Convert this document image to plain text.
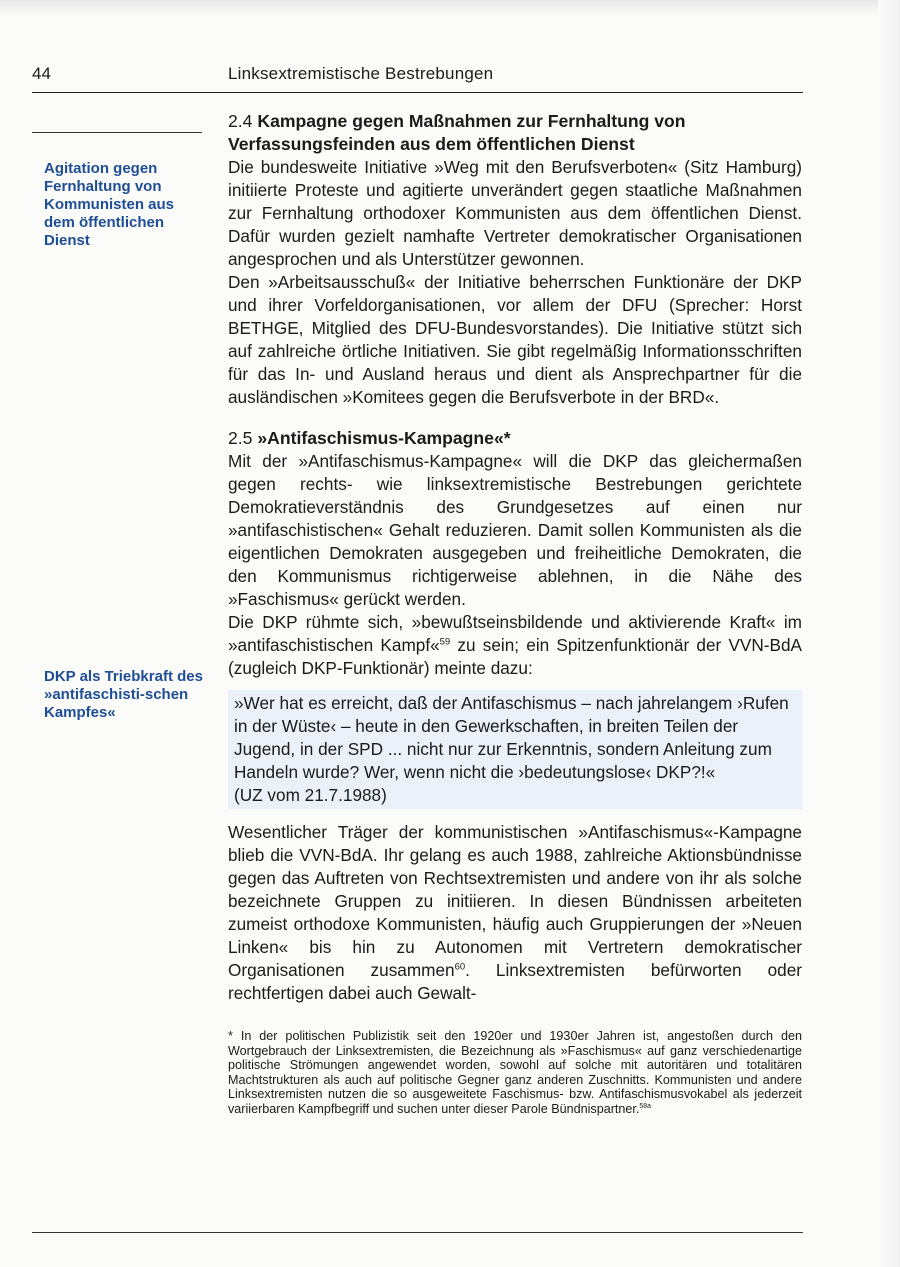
44	Linksextremistische Bestrebungen
Agitation gegen Fernhaltung von Kommunisten aus dem öffentlichen Dienst
DKP als Triebkraft des »antifaschisti-schen Kampfes«
2.4 Kampagne gegen Maßnahmen zur Fernhaltung von Verfassungsfeinden aus dem öffentlichen Dienst

Die bundesweite Initiative »Weg mit den Berufsverboten« (Sitz Hamburg) initiierte Proteste und agitierte unverändert gegen staatliche Maßnahmen zur Fernhaltung orthodoxer Kommunisten aus dem öffentlichen Dienst. Dafür wurden gezielt namhafte Vertreter demokratischer Organisationen angesprochen und als Unterstützer gewonnen.

Den »Arbeitsausschuß« der Initiative beherrschen Funktionäre der DKP und ihrer Vorfeldorganisationen, vor allem der DFU (Sprecher: Horst BETHGE, Mitglied des DFU-Bundesvorstandes). Die Initiative stützt sich auf zahlreiche örtliche Initiativen. Sie gibt regelmäßig Informationsschriften für das In- und Ausland heraus und dient als Ansprechpartner für die ausländischen »Komitees gegen die Berufsverbote in der BRD«.

2.5 »Antifaschismus-Kampagne«*

Mit der »Antifaschismus-Kampagne« will die DKP das gleichermaßen gegen rechts- wie linksextremistische Bestrebungen gerichtete Demokratieverständnis des Grundgesetzes auf einen nur »antifaschistischen« Gehalt reduzieren. Damit sollen Kommunisten als die eigentlichen Demokraten ausgegeben und freiheitliche Demokraten, die den Kommunismus richtigerweise ablehnen, in die Nähe des »Faschismus« gerückt werden.

Die DKP rühmte sich, »bewußtseinsbildende und aktivierende Kraft« im »antifaschistischen Kampf«$^{59}$ zu sein; ein Spitzenfunktionär der VVN-BdA (zugleich DKP-Funktionär) meinte dazu:

»Wer hat es erreicht, daß der Antifaschismus – nach jahrelangem ›Rufen in der Wüste‹ – heute in den Gewerkschaften, in breiten Teilen der Jugend, in der SPD ... nicht nur zur Erkenntnis, sondern Anleitung zum Handeln wurde? Wer, wenn nicht die ›bedeutungslose‹ DKP?!«
(UZ vom 21.7.1988)

Wesentlicher Träger der kommunistischen »Antifaschismus«-Kampagne blieb die VVN-BdA. Ihr gelang es auch 1988, zahlreiche Aktionsbündnisse gegen das Auftreten von Rechtsextremisten und andere von ihr als solche bezeichnete Gruppen zu initiieren. In diesen Bündnissen arbeiteten zumeist orthodoxe Kommunisten, häufig auch Gruppierungen der »Neuen Linken« bis hin zu Autonomen mit Vertretern demokratischer Organisationen zusammen$^{60}$. Linksextremisten befürworten oder rechtfertigen dabei auch Gewalt-

* In der politischen Publizistik seit den 1920er und 1930er Jahren ist, angestoßen durch den Wortgebrauch der Linksextremisten, die Bezeichnung als »Faschismus« auf ganz verschiedenartige politische Strömungen angewendet worden, sowohl auf solche mit autoritären und totalitären Machtstrukturen als auch auf politische Gegner ganz anderen Zuschnitts. Kommunisten und andere Linksextremisten nutzen die so ausgeweitete Faschismus- bzw. Antifaschismusvokabel als jederzeit variierbaren Kampfbegriff und suchen unter dieser Parole Bündnispartner.$^{58a}$
